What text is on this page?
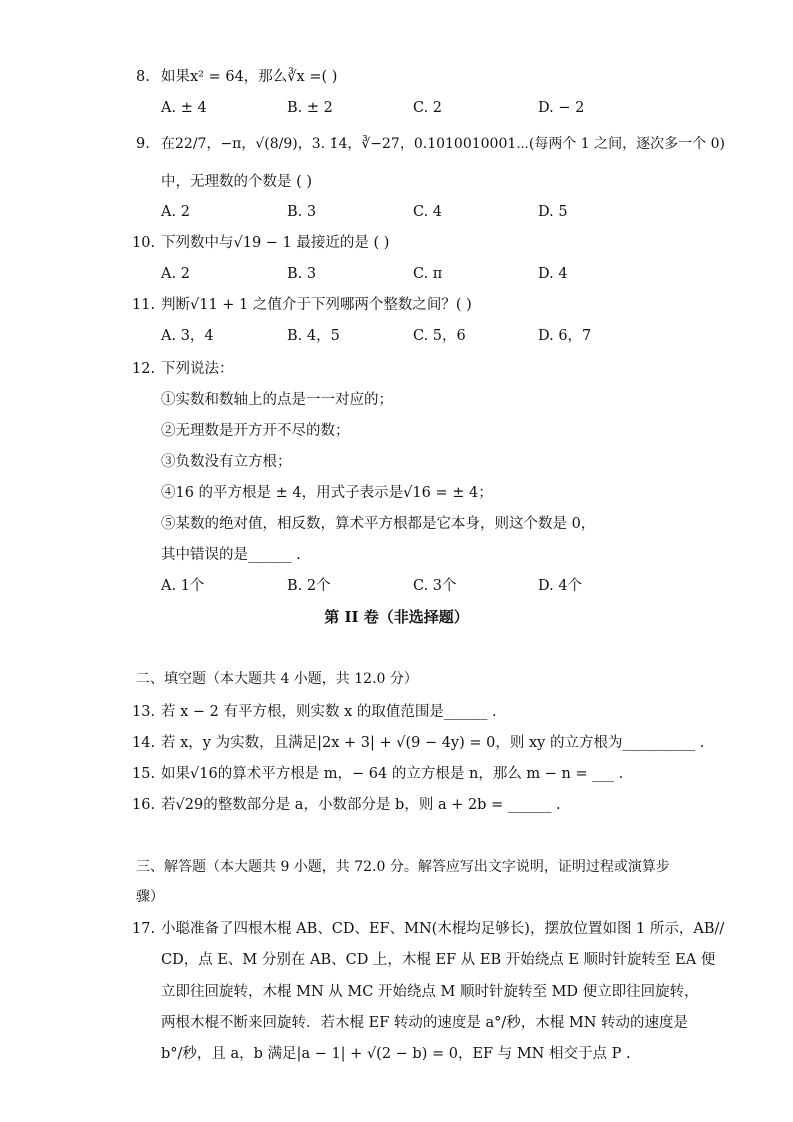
8. 如果x² = 64，那么∛x =( )
A. ± 4	B. ± 2	C. 2	D. − 2
9. 在22/7，−π，√(8/9)，3. 1̇4̇，∛−27，0.1010010001⋯(每两个 1 之间，逐次多一个 0)
中，无理数的个数是 ( )
A. 2	B. 3	C. 4	D. 5
10. 下列数中与√19 − 1 最接近的是 ( )
A. 2	B. 3	C. π	D. 4
11. 判断√11 + 1 之值介于下列哪两个整数之间？( )
A. 3，4	B. 4，5	C. 5，6	D. 6，7
12. 下列说法：
①实数和数轴上的点是一一对应的；
②无理数是开方开不尽的数；
③负数没有立方根；
④16 的平方根是 ± 4，用式子表示是√16 = ± 4；
⑤某数的绝对值，相反数，算术平方根都是它本身，则这个数是 0，
其中错误的是______ .
A. 1个	B. 2个	C. 3个	D. 4个
第 II 卷（非选择题）
二、填空题（本大题共 4 小题，共 12.0 分）
13. 若 x − 2 有平方根，则实数 x 的取值范围是______ .
14. 若 x，y 为实数，且满足|2x + 3| + √(9 − 4y) = 0，则 xy 的立方根为__________ .
15. 如果√16的算术平方根是 m，− 64 的立方根是 n，那么 m − n = ___ .
16. 若√29的整数部分是 a，小数部分是 b，则 a + 2b = ______ .
三、解答题（本大题共 9 小题，共 72.0 分。解答应写出文字说明，证明过程或演算步
骤）
17. 小聪准备了四根木棍 AB、CD、EF、MN(木棍均足够长)，摆放位置如图 1 所示，AB//
CD，点 E、M 分别在 AB、CD 上，木棍 EF 从 EB 开始绕点 E 顺时针旋转至 EA 便
立即往回旋转，木棍 MN 从 MC 开始绕点 M 顺时针旋转至 MD 便立即往回旋转，
两根木棍不断来回旋转．若木棍 EF 转动的速度是 a°/秒，木棍 MN 转动的速度是
b°/秒，且 a，b 满足|a − 1| + √(2 − b) = 0，EF 与 MN 相交于点 P .
